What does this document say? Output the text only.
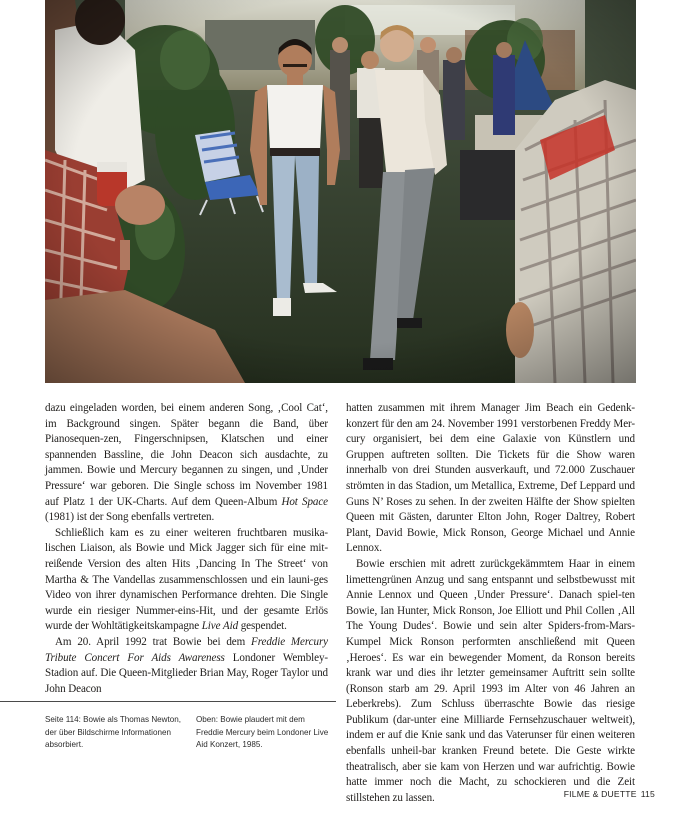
dazu eingeladen worden, bei einem anderen Song, ‚Cool Cat‘, im Background singen. Später begann die Band, über Pianosequen-zen, Fingerschnipsen, Klatschen und einer spannenden Bassline, die John Deacon sich ausdachte, zu jammen. Bowie und Mercury begannen zu singen, und ‚Under Pressure‘ war geboren. Die Single schoss im November 1981 auf Platz 1 der UK-Charts. Auf dem Queen-Album Hot Space (1981) ist der Song ebenfalls vertreten.

Schließlich kam es zu einer weiteren fruchtbaren musika-lischen Liaison, als Bowie und Mick Jagger sich für eine mit-reißende Version des alten Hits ‚Dancing In The Street‘ von Martha & The Vandellas zusammenschlossen und ein launi-ges Video von ihrer dynamischen Performance drehten. Die Single wurde ein riesiger Nummer-eins-Hit, und der gesamte Erlös wurde der Wohltätigkeitskampagne Live Aid gespendet.

Am 20. April 1992 trat Bowie bei dem Freddie Mercury Tribute Concert For Aids Awareness Londoner Wembley-Stadion auf. Die Queen-Mitglieder Brian May, Roger Taylor und John Deacon

hatten zusammen mit ihrem Manager Jim Beach ein Gedenk-konzert für den am 24. November 1991 verstorbenen Freddy Mer-cury organisiert, bei dem eine Galaxie von Künstlern und Gruppen auftreten sollten. Die Tickets für die Show waren innerhalb von drei Stunden ausverkauft, und 72.000 Zuschauer strömten in das Stadion, um Metallica, Extreme, Def Leppard und Guns N’ Roses zu sehen. In der zweiten Hälfte der Show spielten Queen mit Gästen, darunter Elton John, Roger Daltrey, Robert Plant, David Bowie, Mick Ronson, George Michael und Annie Lennox.

Bowie erschien mit adrett zurückgekämmtem Haar in einem limettengrünen Anzug und sang entspannt und selbstbewusst mit Annie Lennox und Queen ‚Under Pressure‘. Danach spiel-ten Bowie, Ian Hunter, Mick Ronson, Joe Elliott und Phil Collen ‚All The Young Dudes‘. Bowie und sein alter Spiders-from-Mars-Kumpel Mick Ronson performten anschließend mit Queen ‚Heroes‘. Es war ein bewegender Moment, da Ronson bereits krank war und dies ihr letzter gemeinsamer Auftritt sein sollte (Ronson starb am 29. April 1993 im Alter von 46 Jahren an Leberkrebs). Zum Schluss überraschte Bowie das riesige Publikum (dar-unter eine Milliarde Fernsehzuschauer weltweit), indem er auf die Knie sank und das Vaterunser für einen weiteren ebenfalls unheil-bar kranken Freund betete. Die Geste wirkte theatralisch, aber sie kam von Herzen und war aufrichtig. Bowie hatte immer noch die Macht, zu schockieren und die Zeit stillstehen zu lassen.

Seite 114: Bowie als Thomas Newton, der über Bildschirme Informationen absorbiert.
Oben: Bowie plaudert mit dem Freddie Mercury beim Londoner Live Aid Konzert, 1985.
FILME & DUETTE 115
